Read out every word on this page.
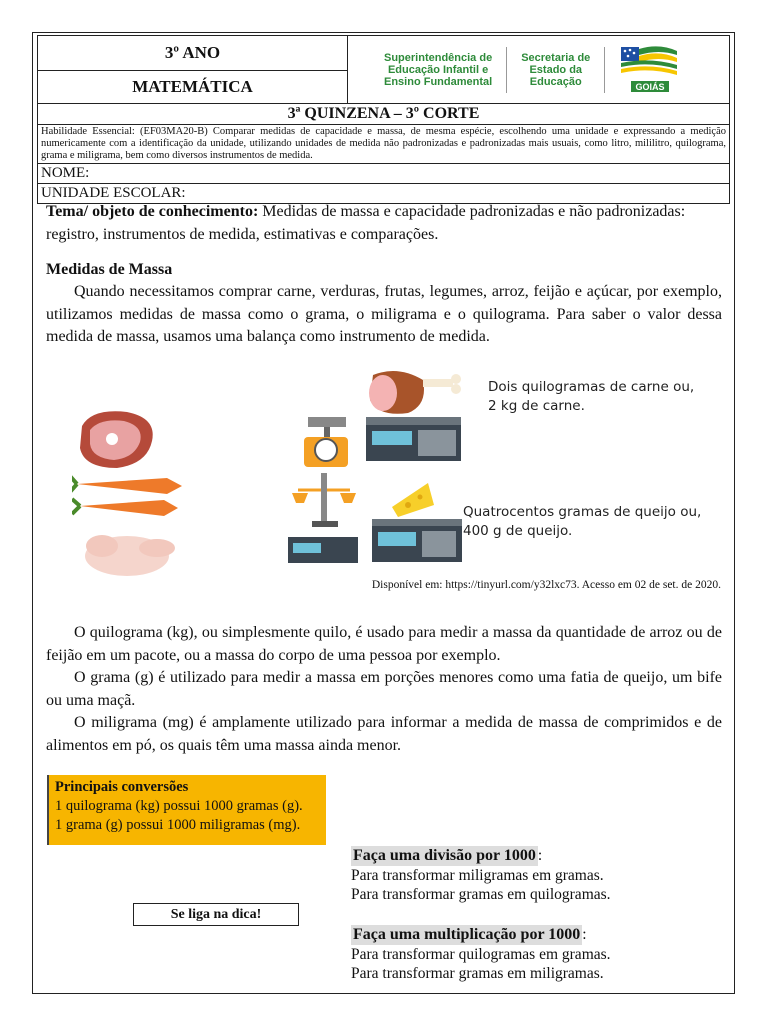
3º ANO
MATEMÁTICA
Superintendência de
Educação Infantil e
Ensino Fundamental
Secretaria de
Estado da
Educação	GOIÁS
3ª QUINZENA – 3º CORTE
Habilidade Essencial: (EF03MA20-B) Comparar medidas de capacidade e massa, de mesma espécie, escolhendo uma unidade e expressando a medição numericamente com a identificação da unidade, utilizando unidades de medida não padronizadas e padronizadas mais usuais, como litro, mililitro, quilograma, grama e miligrama, bem como diversos instrumentos de medida.
NOME:
UNIDADE ESCOLAR:
Tema/ objeto de conhecimento: Medidas de massa e capacidade padronizadas e não padronizadas: registro, instrumentos de medida, estimativas e comparações.
Medidas de Massa
Quando necessitamos comprar carne, verduras, frutas, legumes, arroz, feijão e açúcar, por exemplo, utilizamos medidas de massa como o grama, o miligrama e o quilograma. Para saber o valor dessa medida de massa, usamos uma balança como instrumento de medida.
Dois quilogramas de carne ou,
2 kg de carne.
Quatrocentos gramas de queijo ou,
400 g de queijo.
Disponível em: https://tinyurl.com/y32lxc73. Acesso em 02 de set. de 2020.
O quilograma (kg), ou simplesmente quilo, é usado para medir a massa da quantidade de arroz ou de feijão em um pacote, ou a massa do corpo de uma pessoa por exemplo.
O grama (g) é utilizado para medir a massa em porções menores como uma fatia de queijo, um bife ou uma maçã.
O miligrama (mg) é amplamente utilizado para informar a medida de massa de comprimidos e de alimentos em pó, os quais têm uma massa ainda menor.
Principais conversões
1 quilograma (kg) possui 1000 gramas (g).
1 grama (g) possui 1000 miligramas (mg).
Se liga na dica!
Faça uma divisão por 1000 :
Para transformar miligramas em gramas.
Para transformar gramas em quilogramas.
Faça uma multiplicação por 1000 :
Para transformar quilogramas em gramas.
Para transformar gramas em miligramas.
